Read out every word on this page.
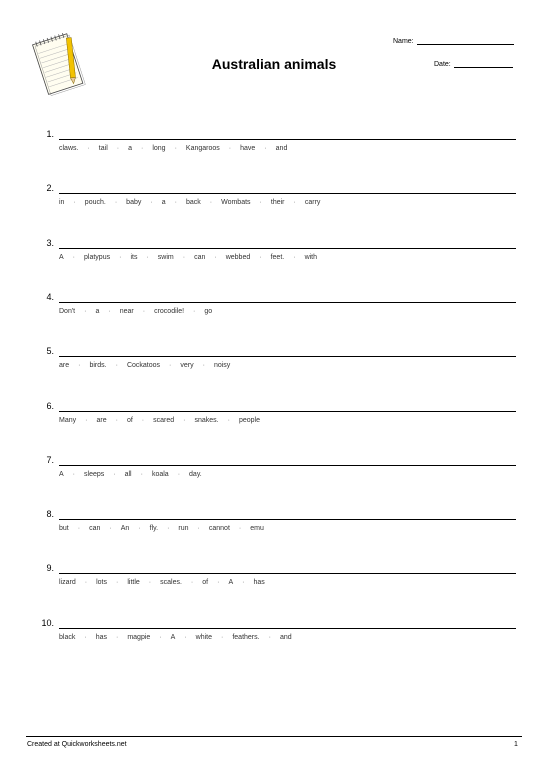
Australian animals
Name:
Date:
1.
claws. · tail · a · long · Kangaroos · have · and
2.
in · pouch. · baby · a · back · Wombats · their · carry
3.
A · platypus · its · swim · can · webbed · feet. · with
4.
Don't · a · near · crocodile! · go
5.
are · birds. · Cockatoos · very · noisy
6.
Many · are · of · scared · snakes. · people
7.
A · sleeps · all · koala · day.
8.
but · can · An · fly. · run · cannot · emu
9.
lizard · lots · little · scales. · of · A · has
10.
black · has · magpie · A · white · feathers. · and
Created at Quickworksheets.net	1
